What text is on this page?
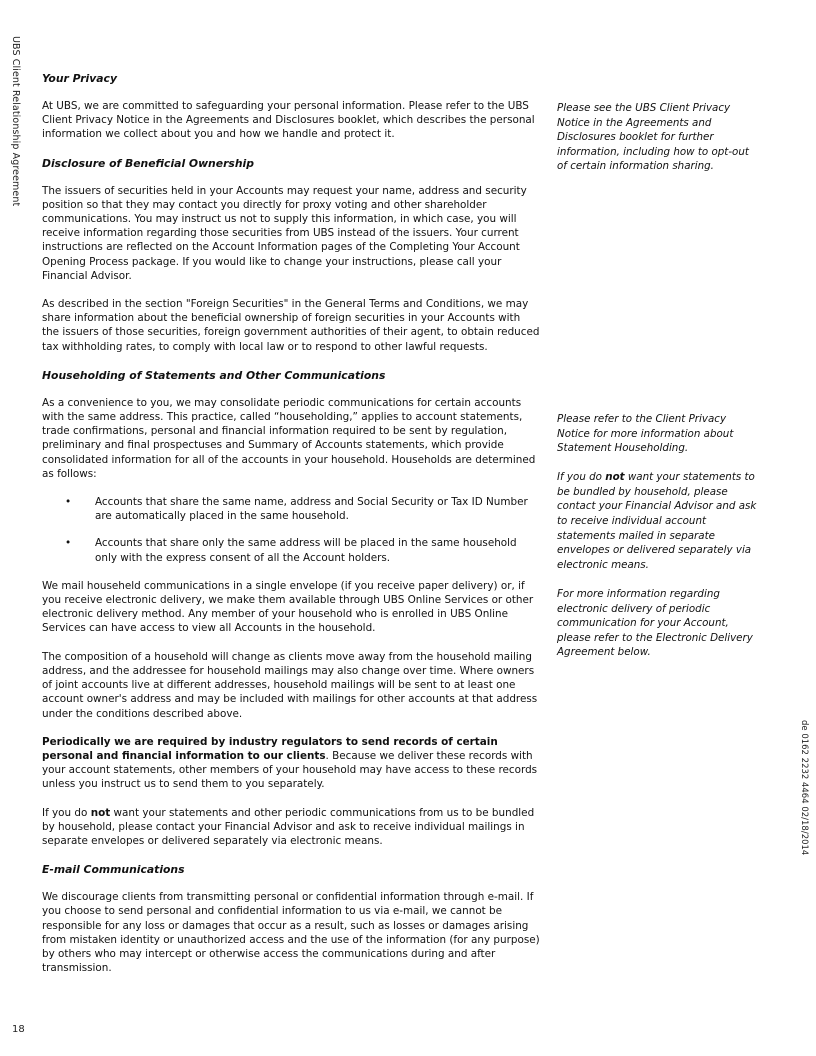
UBS Client Relationship Agreement
de 0162 2232 4464 02/18/2014
18
Your Privacy

At UBS, we are committed to safeguarding your personal information. Please refer to the UBS Client Privacy Notice in the Agreements and Disclosures booklet, which describes the personal information we collect about you and how we handle and protect it.

Disclosure of Beneficial Ownership

The issuers of securities held in your Accounts may request your name, address and security position so that they may contact you directly for proxy voting and other shareholder communications. You may instruct us not to supply this information, in which case, you will receive information regarding those securities from UBS instead of the issuers. Your current instructions are reflected on the Account Information pages of the Completing Your Account Opening Process package. If you would like to change your instructions, please call your Financial Advisor.

As described in the section "Foreign Securities" in the General Terms and Conditions, we may share information about the beneficial ownership of foreign securities in your Accounts with the issuers of those securities, foreign government authorities of their agent, to obtain reduced tax withholding rates, to comply with local law or to respond to other lawful requests.

Householding of Statements and Other Communications

As a convenience to you, we may consolidate periodic communications for certain accounts with the same address. This practice, called “householding,” applies to account statements, trade confirmations, personal and financial information required to be sent by regulation, preliminary and final prospectuses and Summary of Accounts statements, which provide consolidated information for all of the accounts in your household. Households are determined as follows:

• Accounts that share the same name, address and Social Security or Tax ID Number are automatically placed in the same household.
• Accounts that share only the same address will be placed in the same household only with the express consent of all the Account holders.

We mail househeld communications in a single envelope (if you receive paper delivery) or, if you receive electronic delivery, we make them available through UBS Online Services or other electronic delivery method. Any member of your household who is enrolled in UBS Online Services can have access to view all Accounts in the household.

The composition of a household will change as clients move away from the household mailing address, and the addressee for household mailings may also change over time. Where owners of joint accounts live at different addresses, household mailings will be sent to at least one account owner's address and may be included with mailings for other accounts at that address under the conditions described above.

Periodically we are required by industry regulators to send records of certain personal and financial information to our clients. Because we deliver these records with your account statements, other members of your household may have access to these records unless you instruct us to send them to you separately.

If you do not want your statements and other periodic communications from us to be bundled by household, please contact your Financial Advisor and ask to receive individual mailings in separate envelopes or delivered separately via electronic means.

E-mail Communications

We discourage clients from transmitting personal or confidential information through e-mail. If you choose to send personal and confidential information to us via e-mail, we cannot be responsible for any loss or damages that occur as a result, such as losses or damages arising from mistaken identity or unauthorized access and the use of the information (for any purpose) by others who may intercept or otherwise access the communications during and after transmission.

Please see the UBS Client Privacy Notice in the Agreements and Disclosures booklet for further information, including how to opt-out of certain information sharing.

Please refer to the Client Privacy Notice for more information about Statement Householding.

If you do not want your statements to be bundled by household, please contact your Financial Advisor and ask to receive individual account statements mailed in separate envelopes or delivered separately via electronic means.

For more information regarding electronic delivery of periodic communication for your Account, please refer to the Electronic Delivery Agreement below.
